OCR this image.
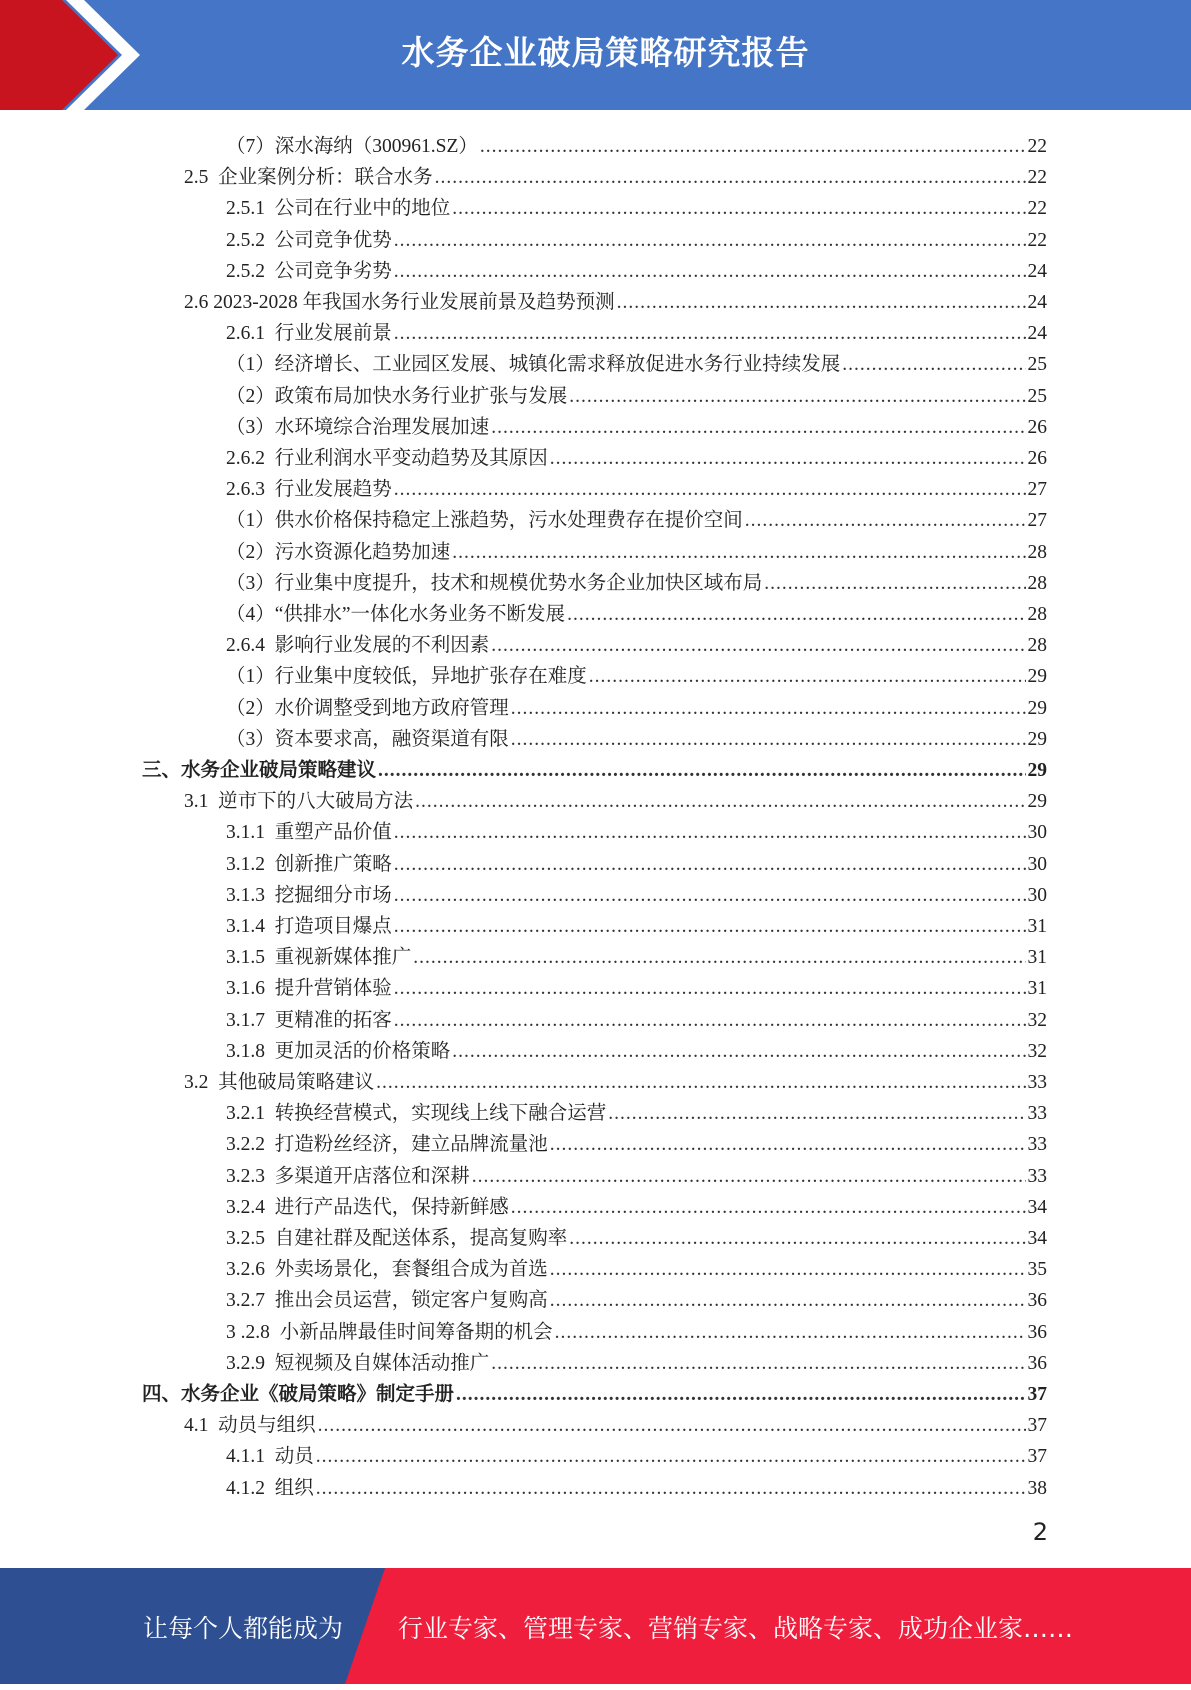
水务企业破局策略研究报告
（7）深水海纳（300961.SZ） .....	22
2.5  企业案例分析：联合水务 .....	22
2.5.1  公司在行业中的地位 .....	22
2.5.2  公司竞争优势 .....	22
2.5.2  公司竞争劣势 .....	24
2.6 2023-2028 年我国水务行业发展前景及趋势预测 .....	24
2.6.1  行业发展前景 .....	24
（1）经济增长、工业园区发展、城镇化需求释放促进水务行业持续发展 .....	25
（2）政策布局加快水务行业扩张与发展 .....	25
（3）水环境综合治理发展加速 .....	26
2.6.2  行业利润水平变动趋势及其原因 .....	26
2.6.3  行业发展趋势 .....	27
（1）供水价格保持稳定上涨趋势，污水处理费存在提价空间 .....	27
（2）污水资源化趋势加速 .....	28
（3）行业集中度提升，技术和规模优势水务企业加快区域布局 .....	28
（4）“供排水”一体化水务业务不断发展 .....	28
2.6.4  影响行业发展的不利因素 .....	28
（1）行业集中度较低，异地扩张存在难度 .....	29
（2）水价调整受到地方政府管理 .....	29
（3）资本要求高，融资渠道有限 .....	29
三、水务企业破局策略建议 .....	29
3.1  逆市下的八大破局方法 .....	29
3.1.1  重塑产品价值 .....	30
3.1.2  创新推广策略 .....	30
3.1.3  挖掘细分市场 .....	30
3.1.4  打造项目爆点 .....	31
3.1.5  重视新媒体推广 .....	31
3.1.6  提升营销体验 .....	31
3.1.7  更精准的拓客 .....	32
3.1.8  更加灵活的价格策略 .....	32
3.2  其他破局策略建议 .....	33
3.2.1  转换经营模式，实现线上线下融合运营 .....	33
3.2.2  打造粉丝经济，建立品牌流量池 .....	33
3.2.3  多渠道开店落位和深耕 .....	33
3.2.4  进行产品迭代，保持新鲜感 .....	34
3.2.5  自建社群及配送体系，提高复购率 .....	34
3.2.6  外卖场景化，套餐组合成为首选 .....	35
3.2.7  推出会员运营，锁定客户复购高 .....	36
3 .2.8  小新品牌最佳时间筹备期的机会 .....	36
3.2.9  短视频及自媒体活动推广 .....	36
四、水务企业《破局策略》制定手册 .....	37
4.1  动员与组织 .....	37
4.1.1  动员 .....	37
4.1.2  组织 .....	38
2
让每个人都能成为 行业专家、管理专家、营销专家、战略专家、成功企业家……
